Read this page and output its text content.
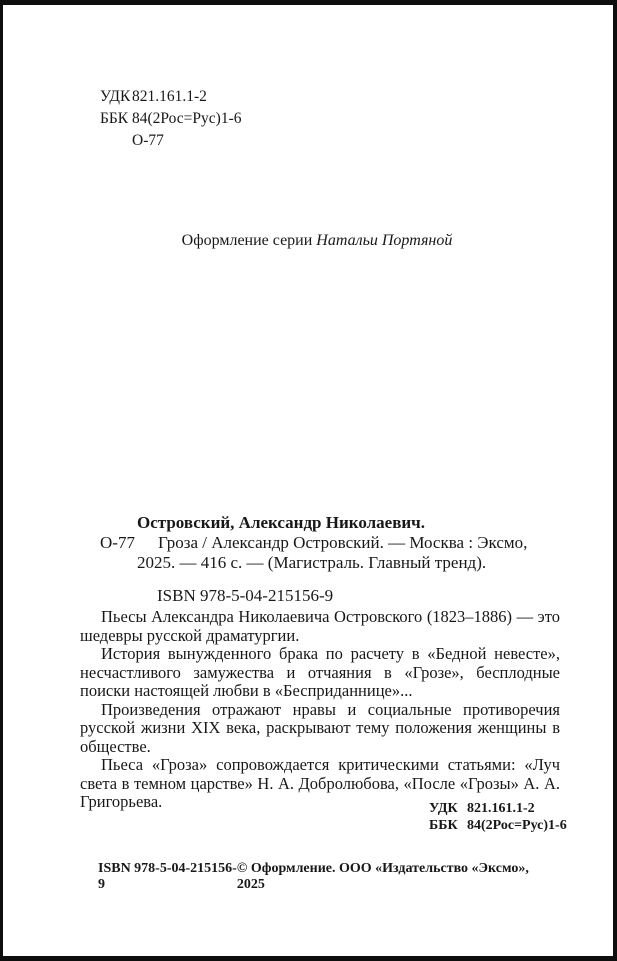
УДК 821.161.1-2
ББК 84(2Рос=Рус)1-6
О-77
Оформление серии Натальи Портяной
Островский, Александр Николаевич.
О-77 Гроза / Александр Островский. — Москва : Эксмо,
2025. — 416 с. — (Магистраль. Главный тренд).
ISBN 978-5-04-215156-9

Пьесы Александра Николаевича Островского (1823–1886) — это шедевры русской драматургии.

История вынужденного брака по расчету в «Бедной невесте», несчастливого замужества и отчаяния в «Грозе», бесплодные поиски настоящей любви в «Бесприданнице»...

Произведения отражают нравы и социальные противоречия русской жизни XIX века, раскрывают тему положения женщины в обществе.

Пьеса «Гроза» сопровождается критическими статьями: «Луч света в темном царстве» Н. А. Добролюбова, «После «Грозы» А. А. Григорьева.	УДК 821.161.1-2
ББК 84(2Рос=Рус)1-6
ISBN 978-5-04-215156-9
© Оформление. ООО «Издательство «Эксмо», 2025
